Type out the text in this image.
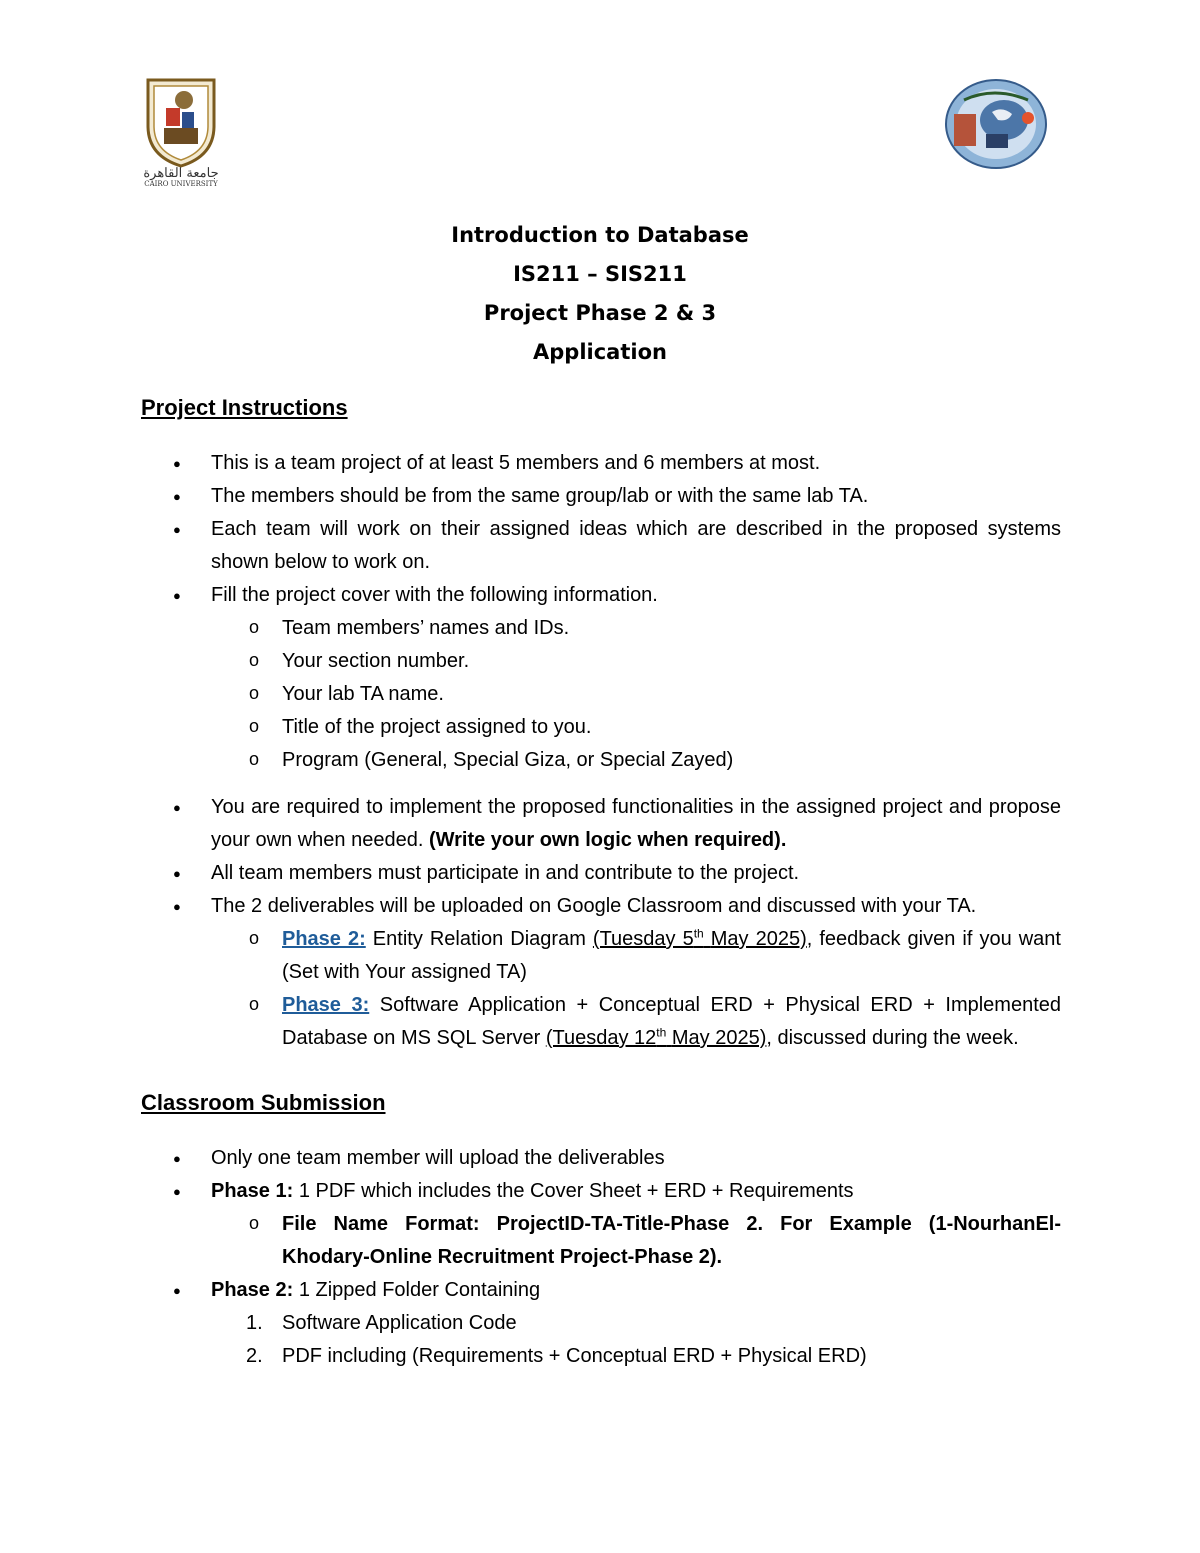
جامعة القاهرة
CAIRO UNIVERSITY
Introduction to Database
IS211 – SIS211
Project Phase 2 & 3
Application
Project Instructions
● This is a team project of at least 5 members and 6 members at most.
● The members should be from the same group/lab or with the same lab TA.
● Each team will work on their assigned ideas which are described in the proposed systems shown below to work on.
● Fill the project cover with the following information.
o Team members’ names and IDs.
o Your section number.
o Your lab TA name.
o Title of the project assigned to you.
o Program (General, Special Giza, or Special Zayed)
● You are required to implement the proposed functionalities in the assigned project and propose your own when needed. (Write your own logic when required).
● All team members must participate in and contribute to the project.
● The 2 deliverables will be uploaded on Google Classroom and discussed with your TA.
o Phase 2: Entity Relation Diagram (Tuesday 5th May 2025), feedback given if you want (Set with Your assigned TA)
o Phase 3: Software Application + Conceptual ERD + Physical ERD + Implemented Database on MS SQL Server (Tuesday 12th May 2025), discussed during the week.
Classroom Submission
● Only one team member will upload the deliverables
● Phase 1: 1 PDF which includes the Cover Sheet + ERD + Requirements
o File Name Format: ProjectID-TA-Title-Phase 2. For Example (1-NourhanEl-Khodary-Online Recruitment Project-Phase 2).
● Phase 2: 1 Zipped Folder Containing
1. Software Application Code
2. PDF including (Requirements + Conceptual ERD + Physical ERD)
